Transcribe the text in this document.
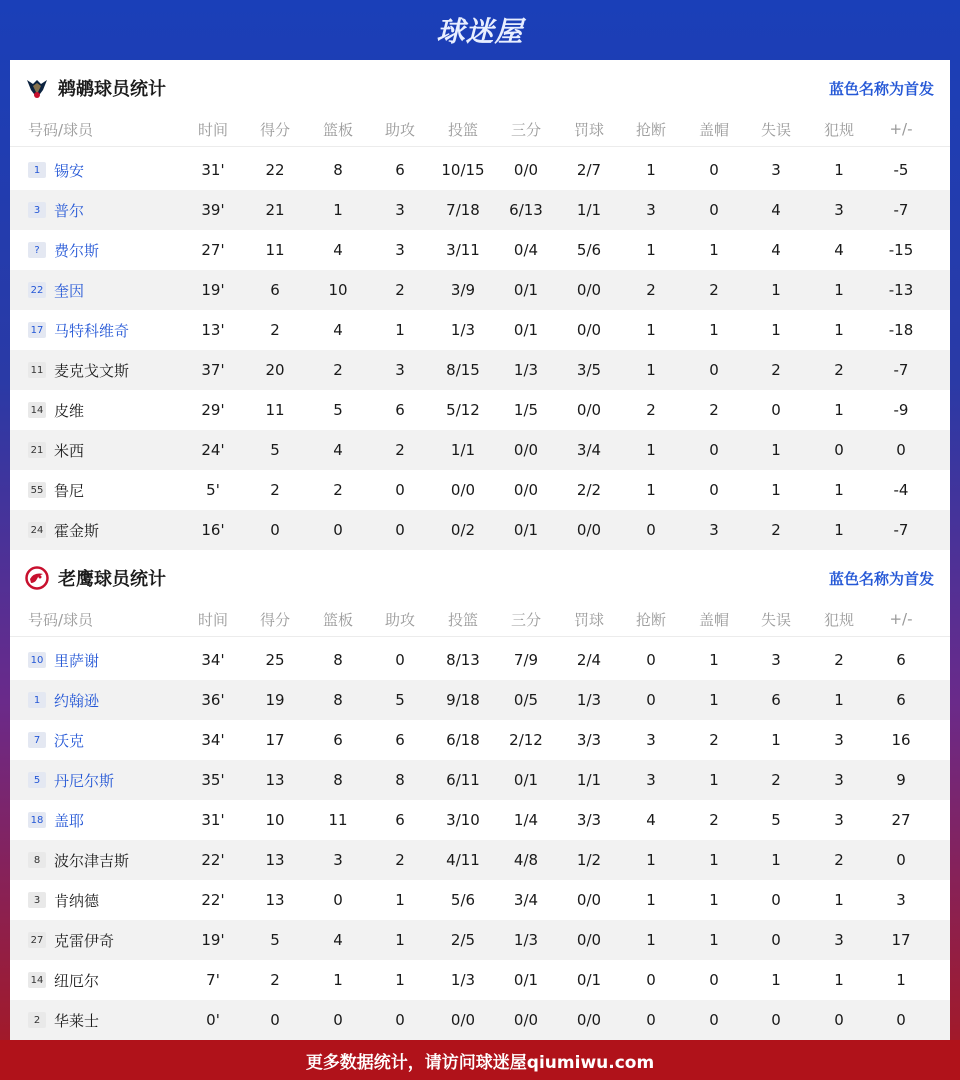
球迷屋
鹈鹕球员统计	蓝色名称为首发
号码/球员	时间	得分	篮板	助攻	投篮	三分	罚球	抢断	盖帽	失误	犯规	+/-
1 锡安	31'	22	8	6	10/15	0/0	2/7	1	0	3	1	-5
3 普尔	39'	21	1	3	7/18	6/13	1/1	3	0	4	3	-7
? 费尔斯	27'	11	4	3	3/11	0/4	5/6	1	1	4	4	-15
22 奎因	19'	6	10	2	3/9	0/1	0/0	2	2	1	1	-13
17 马特科维奇	13'	2	4	1	1/3	0/1	0/0	1	1	1	1	-18
11 麦克戈文斯	37'	20	2	3	8/15	1/3	3/5	1	0	2	2	-7
14 皮维	29'	11	5	6	5/12	1/5	0/0	2	2	0	1	-9
21 米西	24'	5	4	2	1/1	0/0	3/4	1	0	1	0	0
55 鲁尼	5'	2	2	0	0/0	0/0	2/2	1	0	1	1	-4
24 霍金斯	16'	0	0	0	0/2	0/1	0/0	0	3	2	1	-7
老鹰球员统计	蓝色名称为首发
号码/球员	时间	得分	篮板	助攻	投篮	三分	罚球	抢断	盖帽	失误	犯规	+/-
10 里萨谢	34'	25	8	0	8/13	7/9	2/4	0	1	3	2	6
1 约翰逊	36'	19	8	5	9/18	0/5	1/3	0	1	6	1	6
7 沃克	34'	17	6	6	6/18	2/12	3/3	3	2	1	3	16
5 丹尼尔斯	35'	13	8	8	6/11	0/1	1/1	3	1	2	3	9
18 盖耶	31'	10	11	6	3/10	1/4	3/3	4	2	5	3	27
8 波尔津吉斯	22'	13	3	2	4/11	4/8	1/2	1	1	1	2	0
3 肯纳德	22'	13	0	1	5/6	3/4	0/0	1	1	0	1	3
27 克雷伊奇	19'	5	4	1	2/5	1/3	0/0	1	1	0	3	17
14 纽厄尔	7'	2	1	1	1/3	0/1	0/1	0	0	1	1	1
2 华莱士	0'	0	0	0	0/0	0/0	0/0	0	0	0	0	0
更多数据统计，请访问球迷屋qiumiwu.com
